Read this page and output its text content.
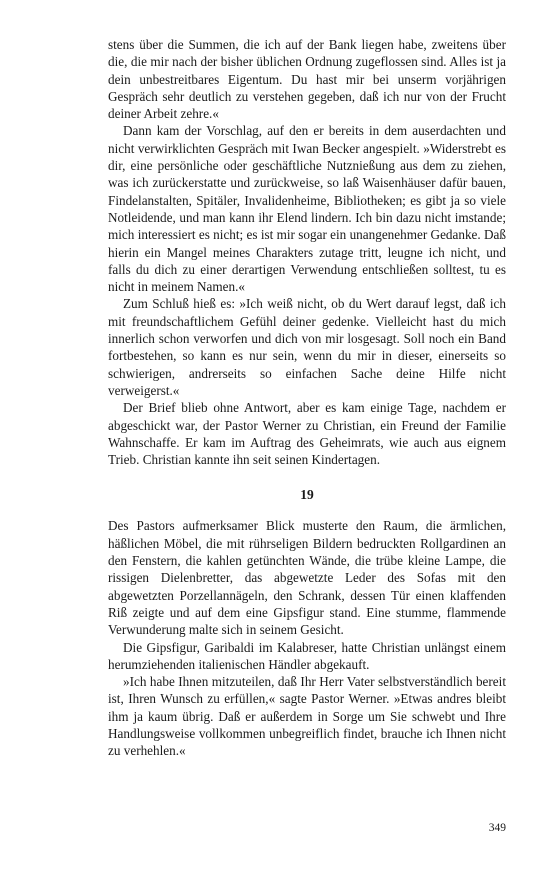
stens über die Summen, die ich auf der Bank liegen habe, zweitens über die, die mir nach der bisher üblichen Ordnung zugeflossen sind. Alles ist ja dein unbestreitbares Eigentum. Du hast mir bei unserm vorjährigen Gespräch sehr deutlich zu verstehen gegeben, daß ich nur von der Frucht deiner Arbeit zehre.«

Dann kam der Vorschlag, auf den er bereits in dem auserdachten und nicht verwirklichten Gespräch mit Iwan Becker angespielt. »Widerstrebt es dir, eine persönliche oder geschäftliche Nutznießung aus dem zu ziehen, was ich zurückerstatte und zurückweise, so laß Waisenhäuser dafür bauen, Findelanstalten, Spitäler, Invalidenheime, Bibliotheken; es gibt ja so viele Notleidende, und man kann ihr Elend lindern. Ich bin dazu nicht imstande; mich interessiert es nicht; es ist mir sogar ein unangenehmer Gedanke. Daß hierin ein Mangel meines Charakters zutage tritt, leugne ich nicht, und falls du dich zu einer derartigen Verwendung entschließen solltest, tu es nicht in meinem Namen.«

Zum Schluß hieß es: »Ich weiß nicht, ob du Wert darauf legst, daß ich mit freundschaftlichem Gefühl deiner gedenke. Vielleicht hast du mich innerlich schon verworfen und dich von mir losgesagt. Soll noch ein Band fortbestehen, so kann es nur sein, wenn du mir in dieser, einerseits so schwierigen, andrerseits so einfachen Sache deine Hilfe nicht verweigerst.«

Der Brief blieb ohne Antwort, aber es kam einige Tage, nachdem er abgeschickt war, der Pastor Werner zu Christian, ein Freund der Familie Wahnschaffe. Er kam im Auftrag des Geheimrats, wie auch aus eignem Trieb. Christian kannte ihn seit seinen Kindertagen.

19

Des Pastors aufmerksamer Blick musterte den Raum, die ärmlichen, häßlichen Möbel, die mit rührseligen Bildern bedruckten Rollgardinen an den Fenstern, die kahlen getünchten Wände, die trübe kleine Lampe, die rissigen Dielenbretter, das abgewetzte Leder des Sofas mit den abgewetzten Porzellannägeln, den Schrank, dessen Tür einen klaffenden Riß zeigte und auf dem eine Gipsfigur stand. Eine stumme, flammende Verwunderung malte sich in seinem Gesicht.

Die Gipsfigur, Garibaldi im Kalabreser, hatte Christian unlängst einem herumziehenden italienischen Händler abgekauft.

»Ich habe Ihnen mitzuteilen, daß Ihr Herr Vater selbstverständlich bereit ist, Ihren Wunsch zu erfüllen,« sagte Pastor Werner. »Etwas andres bleibt ihm ja kaum übrig. Daß er außerdem in Sorge um Sie schwebt und Ihre Handlungsweise vollkommen unbegreiflich findet, brauche ich Ihnen nicht zu verhehlen.«

349
